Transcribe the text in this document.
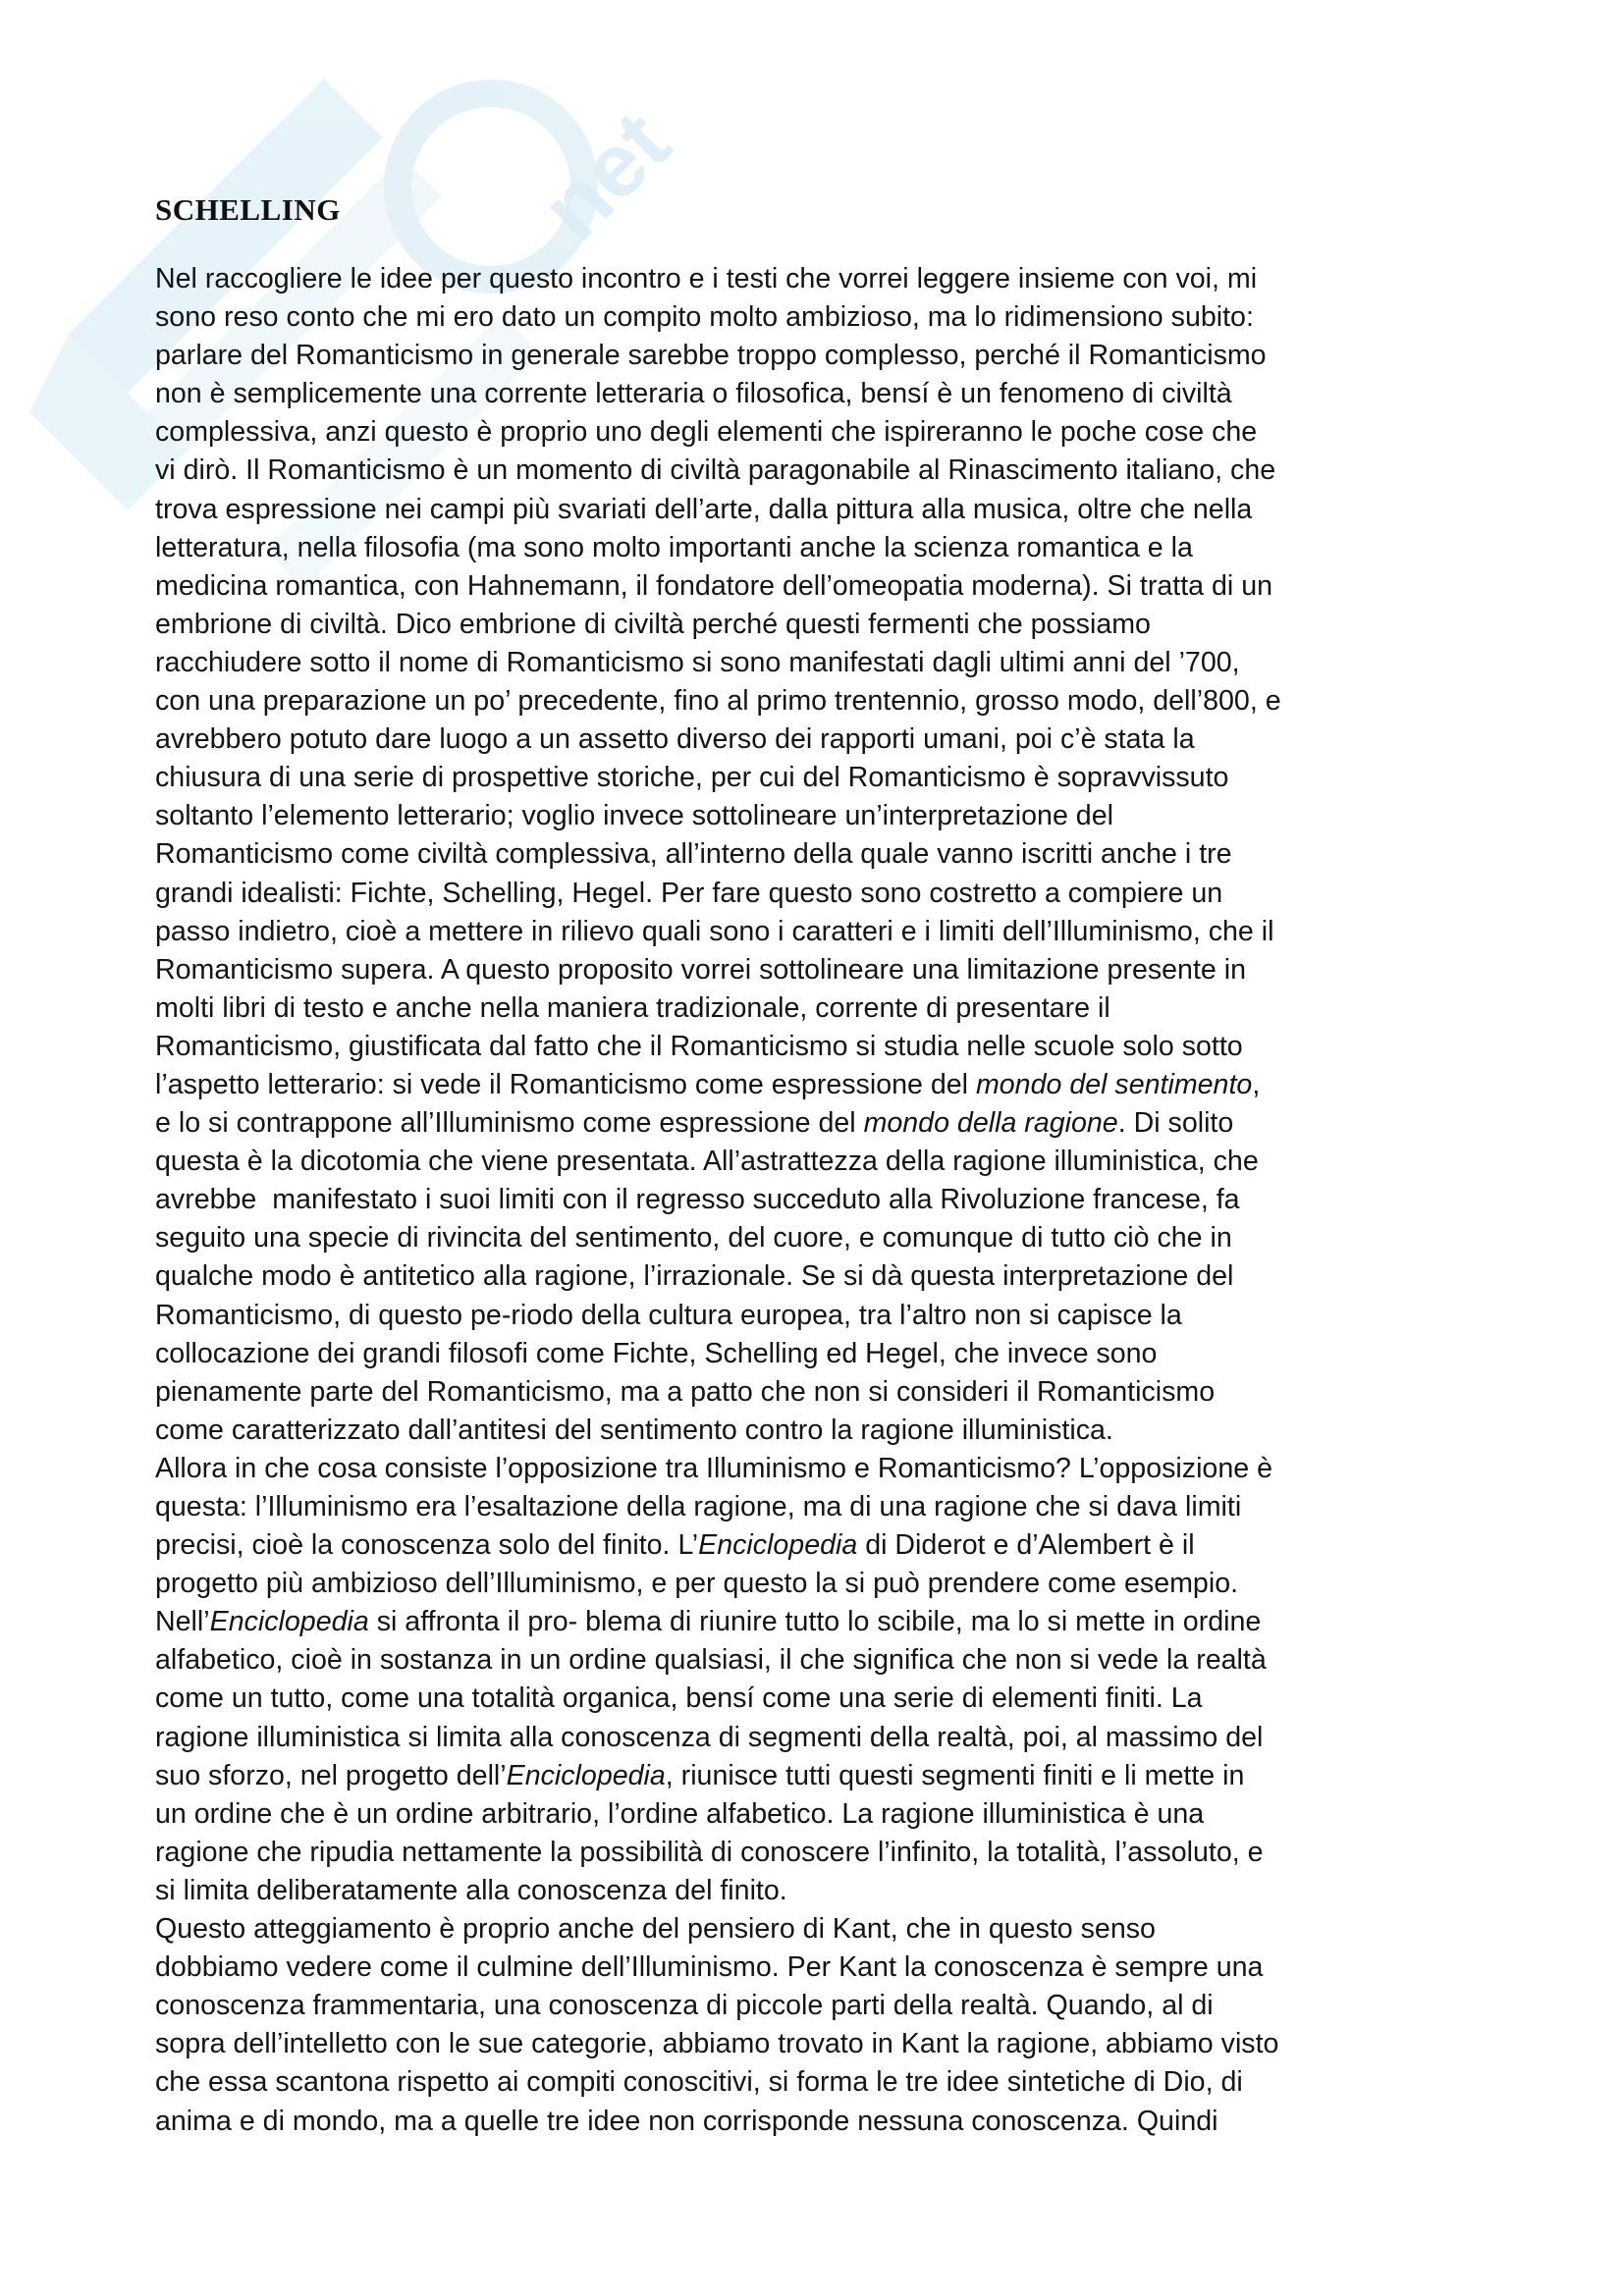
net
SCHELLING
Nel raccogliere le idee per questo incontro e i testi che vorrei leggere insieme con voi, mi
sono reso conto che mi ero dato un compito molto ambizioso, ma lo ridimensiono subito:
parlare del Romanticismo in generale sarebbe troppo complesso, perché il Romanticismo
non è semplicemente una corrente letteraria o filosofica, bensí è un fenomeno di civiltà
complessiva, anzi questo è proprio uno degli elementi che ispireranno le poche cose che
vi dirò. Il Romanticismo è un momento di civiltà paragonabile al Rinascimento italiano, che
trova espressione nei campi più svariati dell’arte, dalla pittura alla musica, oltre che nella
letteratura, nella filosofia (ma sono molto importanti anche la scienza romantica e la
medicina romantica, con Hahnemann, il fondatore dell’omeopatia moderna). Si tratta di un
embrione di civiltà. Dico embrione di civiltà perché questi fermenti che possiamo
racchiudere sotto il nome di Romanticismo si sono manifestati dagli ultimi anni del ’700,
con una preparazione un po’ precedente, fino al primo trentennio, grosso modo, dell’800, e
avrebbero potuto dare luogo a un assetto diverso dei rapporti umani, poi c’è stata la
chiusura di una serie di prospettive storiche, per cui del Romanticismo è sopravvissuto
soltanto l’elemento letterario; voglio invece sottolineare un’interpretazione del
Romanticismo come civiltà complessiva, all’interno della quale vanno iscritti anche i tre
grandi idealisti: Fichte, Schelling, Hegel. Per fare questo sono costretto a compiere un
passo indietro, cioè a mettere in rilievo quali sono i caratteri e i limiti dell’Illuminismo, che il
Romanticismo supera. A questo proposito vorrei sottolineare una limitazione presente in
molti libri di testo e anche nella maniera tradizionale, corrente di presentare il
Romanticismo, giustificata dal fatto che il Romanticismo si studia nelle scuole solo sotto
l’aspetto letterario: si vede il Romanticismo come espressione del mondo del sentimento,
e lo si contrappone all’Illuminismo come espressione del mondo della ragione. Di solito
questa è la dicotomia che viene presentata. All’astrattezza della ragione illuministica, che
avrebbe  manifestato i suoi limiti con il regresso succeduto alla Rivoluzione francese, fa
seguito una specie di rivincita del sentimento, del cuore, e comunque di tutto ciò che in
qualche modo è antitetico alla ragione, l’irrazionale. Se si dà questa interpretazione del
Romanticismo, di questo pe-riodo della cultura europea, tra l’altro non si capisce la
collocazione dei grandi filosofi come Fichte, Schelling ed Hegel, che invece sono
pienamente parte del Romanticismo, ma a patto che non si consideri il Romanticismo
come caratterizzato dall’antitesi del sentimento contro la ragione illuministica.
Allora in che cosa consiste l’opposizione tra Illuminismo e Romanticismo? L’opposizione è
questa: l’Illuminismo era l’esaltazione della ragione, ma di una ragione che si dava limiti
precisi, cioè la conoscenza solo del finito. L’Enciclopedia di Diderot e d’Alembert è il
progetto più ambizioso dell’Illuminismo, e per questo la si può prendere come esempio.
Nell’Enciclopedia si affronta il pro- blema di riunire tutto lo scibile, ma lo si mette in ordine
alfabetico, cioè in sostanza in un ordine qualsiasi, il che significa che non si vede la realtà
come un tutto, come una totalità organica, bensí come una serie di elementi finiti. La
ragione illuministica si limita alla conoscenza di segmenti della realtà, poi, al massimo del
suo sforzo, nel progetto dell’Enciclopedia, riunisce tutti questi segmenti finiti e li mette in
un ordine che è un ordine arbitrario, l’ordine alfabetico. La ragione illuministica è una
ragione che ripudia nettamente la possibilità di conoscere l’infinito, la totalità, l’assoluto, e
si limita deliberatamente alla conoscenza del finito.
Questo atteggiamento è proprio anche del pensiero di Kant, che in questo senso
dobbiamo vedere come il culmine dell’Illuminismo. Per Kant la conoscenza è sempre una
conoscenza frammentaria, una conoscenza di piccole parti della realtà. Quando, al di
sopra dell’intelletto con le sue categorie, abbiamo trovato in Kant la ragione, abbiamo visto
che essa scantona rispetto ai compiti conoscitivi, si forma le tre idee sintetiche di Dio, di
anima e di mondo, ma a quelle tre idee non corrisponde nessuna conoscenza. Quindi
